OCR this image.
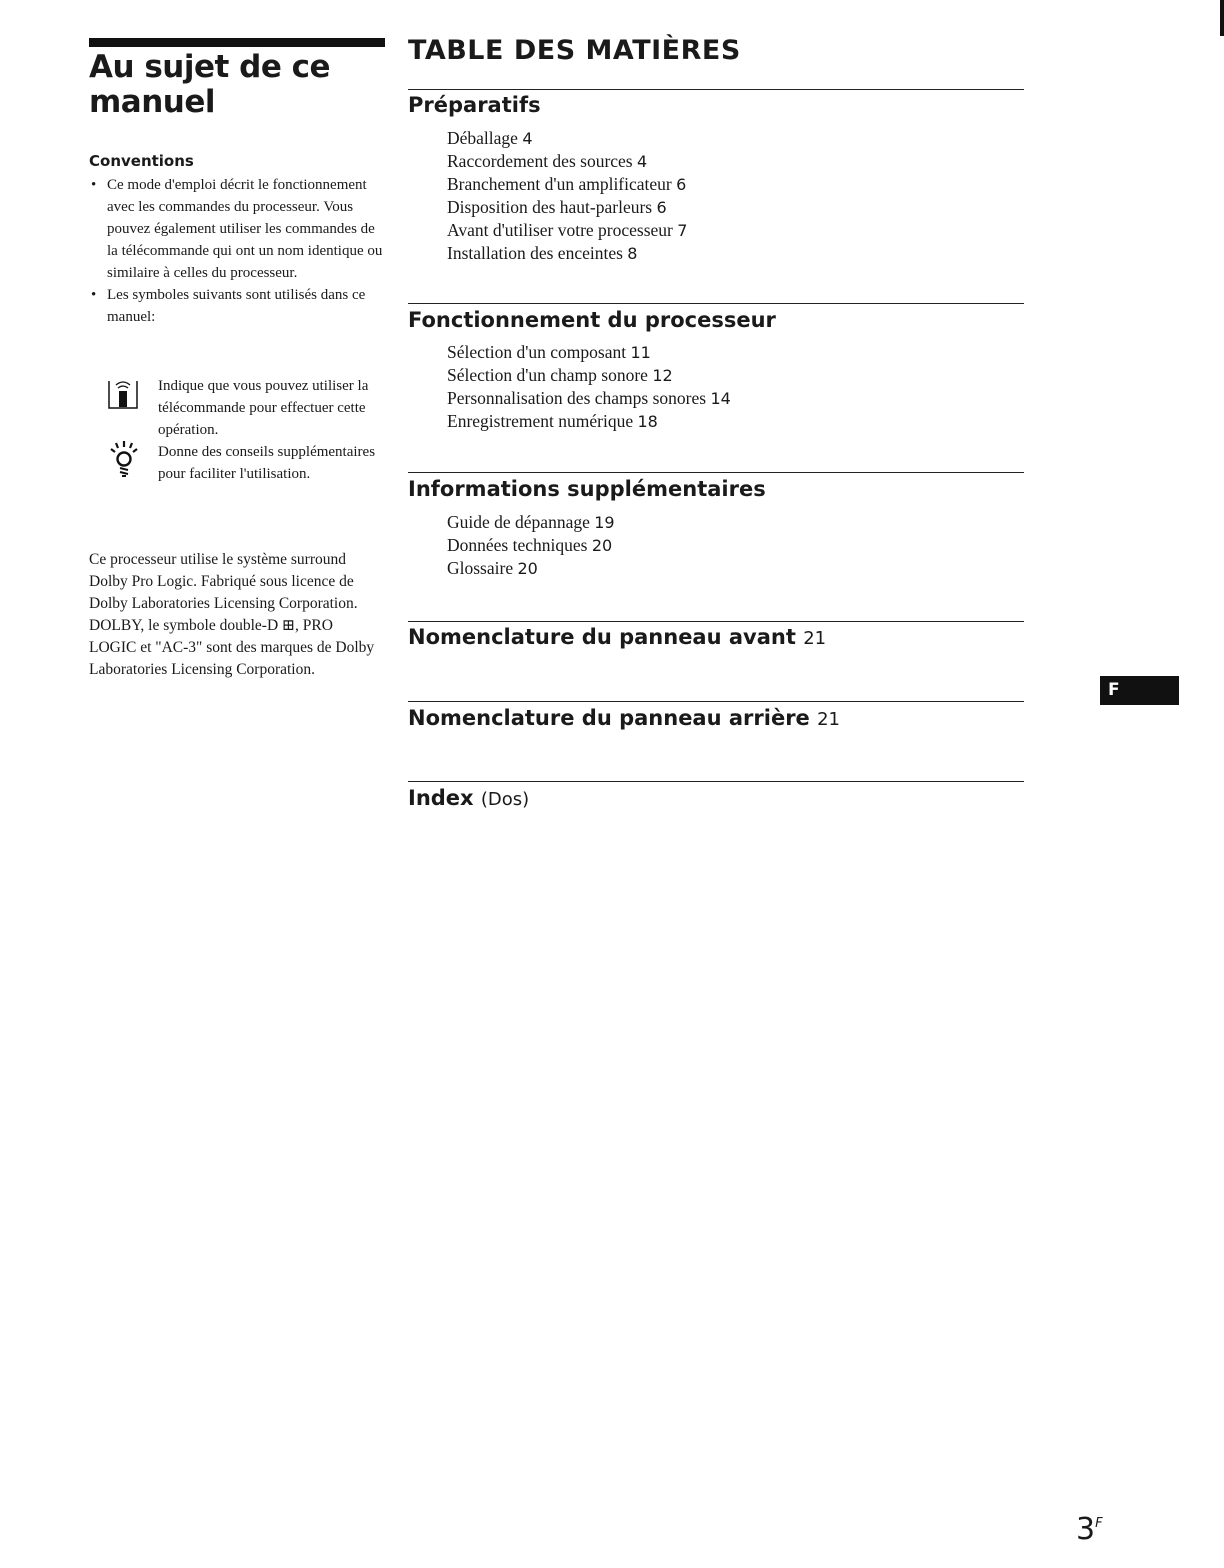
Au sujet de ce manuel
Conventions
• Ce mode d'emploi décrit le fonctionnement avec les commandes du processeur. Vous pouvez également utiliser les commandes de la télécommande qui ont un nom identique ou similaire à celles du processeur.
• Les symboles suivants sont utilisés dans ce manuel:
Indique que vous pouvez utiliser la télécommande pour effectuer cette opération.
Donne des conseils supplémentaires pour faciliter l'utilisation.

Ce processeur utilise le système surround Dolby Pro Logic. Fabriqué sous licence de Dolby Laboratories Licensing Corporation. DOLBY, le symbole double-D ⊞, PRO LOGIC et "AC-3" sont des marques de Dolby Laboratories Licensing Corporation.

TABLE DES MATIÈRES
Préparatifs
Déballage 4
Raccordement des sources 4
Branchement d'un amplificateur 6
Disposition des haut-parleurs 6
Avant d'utiliser votre processeur 7
Installation des enceintes 8
Fonctionnement du processeur
Sélection d'un composant 11
Sélection d'un champ sonore 12
Personnalisation des champs sonores 14
Enregistrement numérique 18
Informations supplémentaires
Guide de dépannage 19
Données techniques 20
Glossaire 20
Nomenclature du panneau avant 21
Nomenclature du panneau arrière 21
Index (Dos)
F
$3^F$
